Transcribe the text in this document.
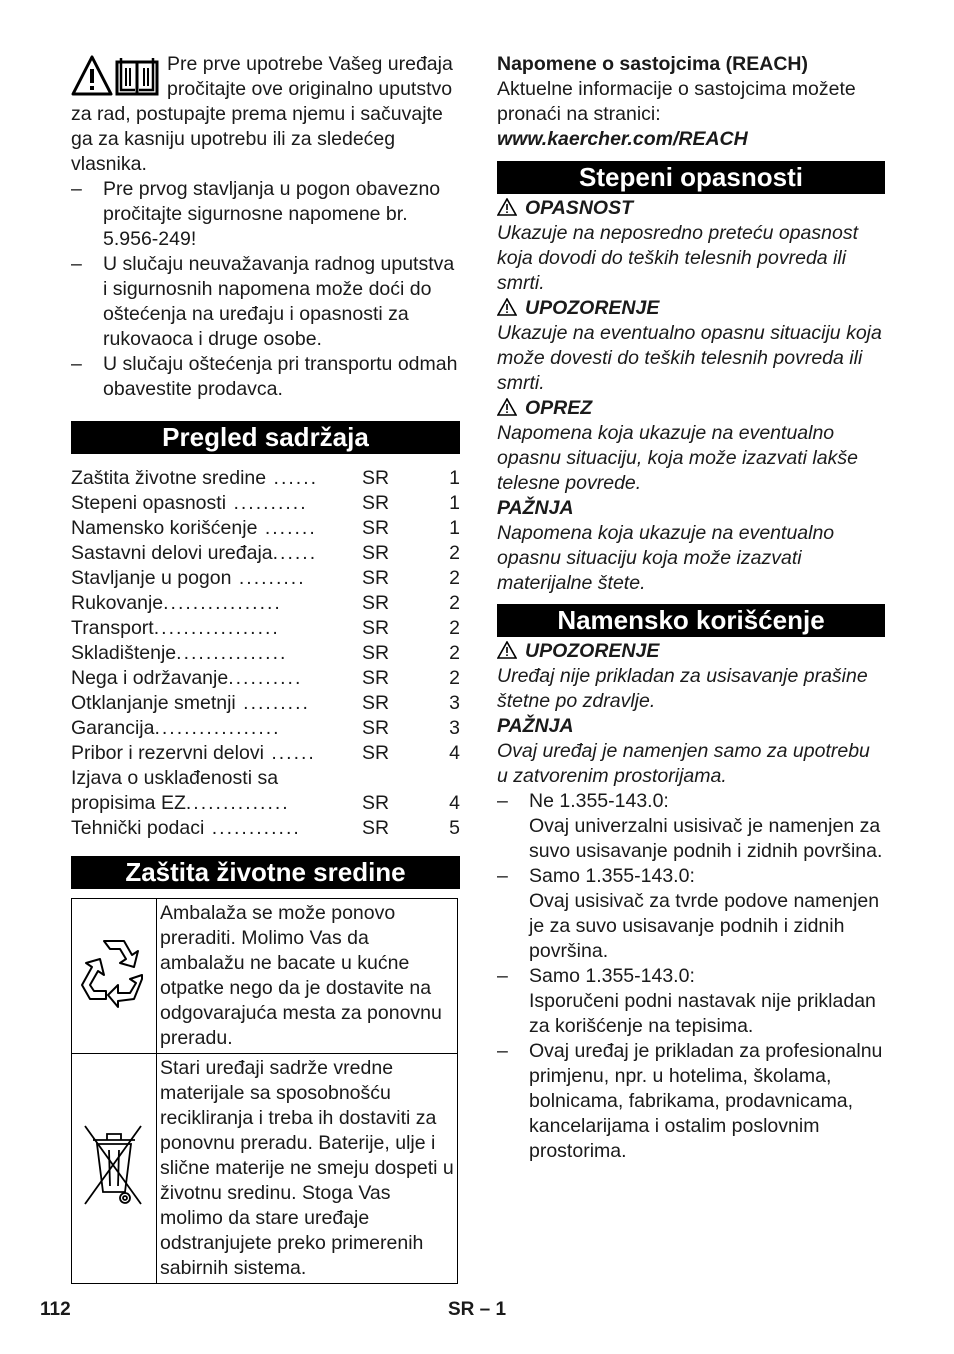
Pre prve upotrebe Vašeg uređaja pročitajte ove originalno uputstvo za rad, postupajte prema njemu i sačuvajte ga za kasniju upotrebu ili za sledećeg vlasnika.

– Pre prvog stavljanja u pogon obavezno pročitajte sigurnosne napomene br. 5.956-249!
– U slučaju neuvažavanja radnog uputstva i sigurnosnih napomena može doći do oštećenja na uređaju i opasnosti za rukovaoca i druge osobe.
– U slučaju oštećenja pri transportu odmah obavestite prodavca.
Pregled sadržaja
Zaštita životne sredine ......	SR	1
Stepeni opasnosti ..........	SR	1
Namensko korišćenje .......	SR	1
Sastavni delovi uređaja......	SR	2
Stavljanje u pogon .........	SR	2
Rukovanje................	SR	2
Transport.................	SR	2
Skladištenje...............	SR	2
Nega i održavanje..........	SR	2
Otklanjanje smetnji .........	SR	3
Garancija.................	SR	3
Pribor i rezervni delovi ......	SR	4
Izjava o usklađenosti sa		
propisima EZ..............	SR	4
Tehnički podaci ............	SR	5
Zaštita životne sredine
	Ambalaža se može ponovo preraditi. Molimo Vas da ambalažu ne bacate u kućne otpatke nego da je dostavite na odgovarajuća mesta za ponovnu preradu.
	Stari uređaji sadrže vredne materijale sa sposobnošću recikliranja i treba ih dostaviti za ponovnu preradu. Baterije, ulje i slične materije ne smeju dospeti u životnu sredinu. Stoga Vas molimo da stare uređaje odstranjujete preko primerenih sabirnih sistema.

Napomene o sastojcima (REACH)

Aktuelne informacije o sastojcima možete pronaći na stranici:

www.kaercher.com/REACH

Stepeni opasnosti

OPASNOST

Ukazuje na neposredno preteću opasnost koja dovodi do teških telesnih povreda ili smrti.

UPOZORENJE

Ukazuje na eventualno opasnu situaciju koja može dovesti do teških telesnih povreda ili smrti.

OPREZ

Napomena koja ukazuje na eventualno opasnu situaciju, koja može izazvati lakše telesne povrede.

PAŽNJA

Napomena koja ukazuje na eventualno opasnu situaciju koja može izazvati materijalne štete.

Namensko korišćenje

UPOZORENJE

Uređaj nije prikladan za usisavanje prašine štetne po zdravlje.

PAŽNJA

Ovaj uređaj je namenjen samo za upotrebu u zatvorenim prostorijama.

– Ne 1.355-143.0:
Ovaj univerzalni usisivač je namenjen za suvo usisavanje podnih i zidnih površina.
– Samo 1.355-143.0:
Ovaj usisivač za tvrde podove namenjen je za suvo usisavanje podnih i zidnih površina.
– Samo 1.355-143.0:
Isporučeni podni nastavak nije prikladan za korišćenje na tepisima.
– Ovaj uređaj je prikladan za profesionalnu primjenu, npr. u hotelima, školama, bolnicama, fabrikama, prodavnicama, kancelarijama i ostalim poslovnim prostorima.
112	SR – 1
